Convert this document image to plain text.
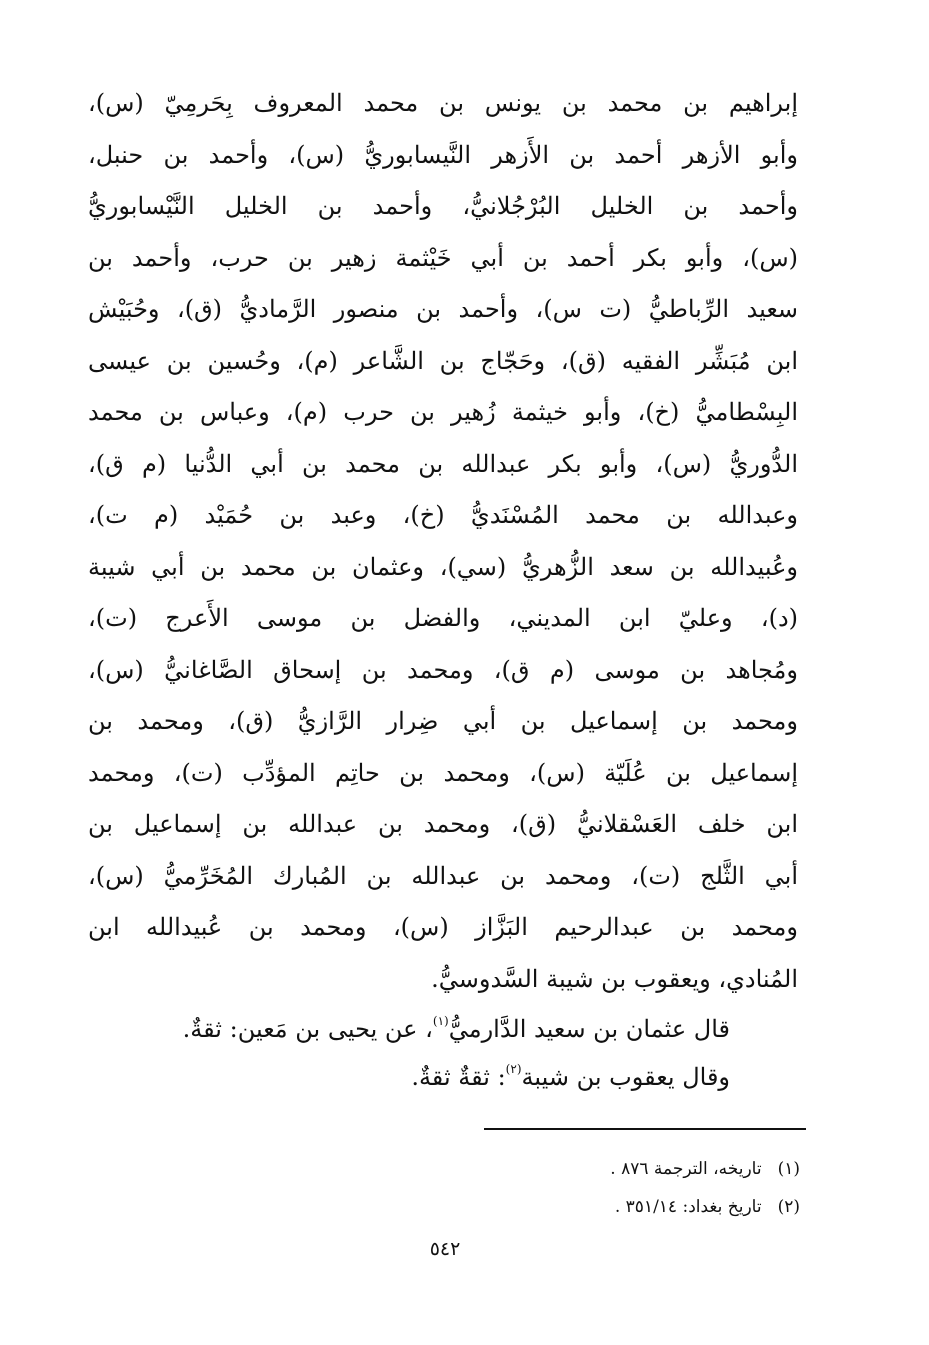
إبراهيم بن محمد بن يونس بن محمد المعروف بِحَرمِيّ (س)،
وأبو الأزهر أحمد بن الأَزهر النَّيسابوريُّ (س)، وأحمد بن حنبل،
وأحمد بن الخليل البُرْجُلانيُّ، وأحمد بن الخليل النَّيْسابوريُّ
(س)، وأبو بكر أحمد بن أبي خَيْثمة زهير بن حرب، وأحمد بن
سعيد الرِّباطيُّ (ت س)، وأحمد بن منصور الرَّماديُّ (ق)، وحُبَيْش
ابن مُبَشِّر الفقيه (ق)، وحَجّاج بن الشَّاعر (م)، وحُسين بن عيسى
البِسْطاميُّ (خ)، وأبو خيثمة زُهير بن حرب (م)، وعباس بن محمد
الدُّوريُّ (س)، وأبو بكر عبدالله بن محمد بن أبي الدُّنيا (م ق)،
وعبدالله بن محمد المُسْنَديُّ (خ)، وعبد بن حُمَيْد (م ت)،
وعُبيدالله بن سعد الزُّهريُّ (سي)، وعثمان بن محمد بن أبي شيبة
(د)، وعليّ ابن المديني، والفضل بن موسى الأَعرج (ت)،
ومُجاهد بن موسى (م ق)، ومحمد بن إسحاق الصَّاغانيُّ (س)،
ومحمد بن إسماعيل بن أبي ضِرار الرَّازيُّ (ق)، ومحمد بن
إسماعيل بن عُلَيّة (س)، ومحمد بن حاتِم المؤدِّب (ت)، ومحمد
ابن خلف العَسْقلانيُّ (ق)، ومحمد بن عبدالله بن إسماعيل بن
أبي الثَّلج (ت)، ومحمد بن عبدالله بن المُبارك المُخَرِّميُّ (س)،
ومحمد بن عبدالرحيم البَزَّاز (س)، ومحمد بن عُبيدالله ابن
المُنادي، ويعقوب بن شيبة السَّدوسيُّ.
قال عثمان بن سعيد الدَّارميُّ$^{(١)}$، عن يحيى بن مَعين: ثقةٌ.
وقال يعقوب بن شيبة$^{(٢)}$: ثقةٌ ثقةٌ.
(١)تاريخه، الترجمة ٨٧٦ .
(٢)تاريخ بغداد: ٣٥١/١٤ .
٥٤٢
